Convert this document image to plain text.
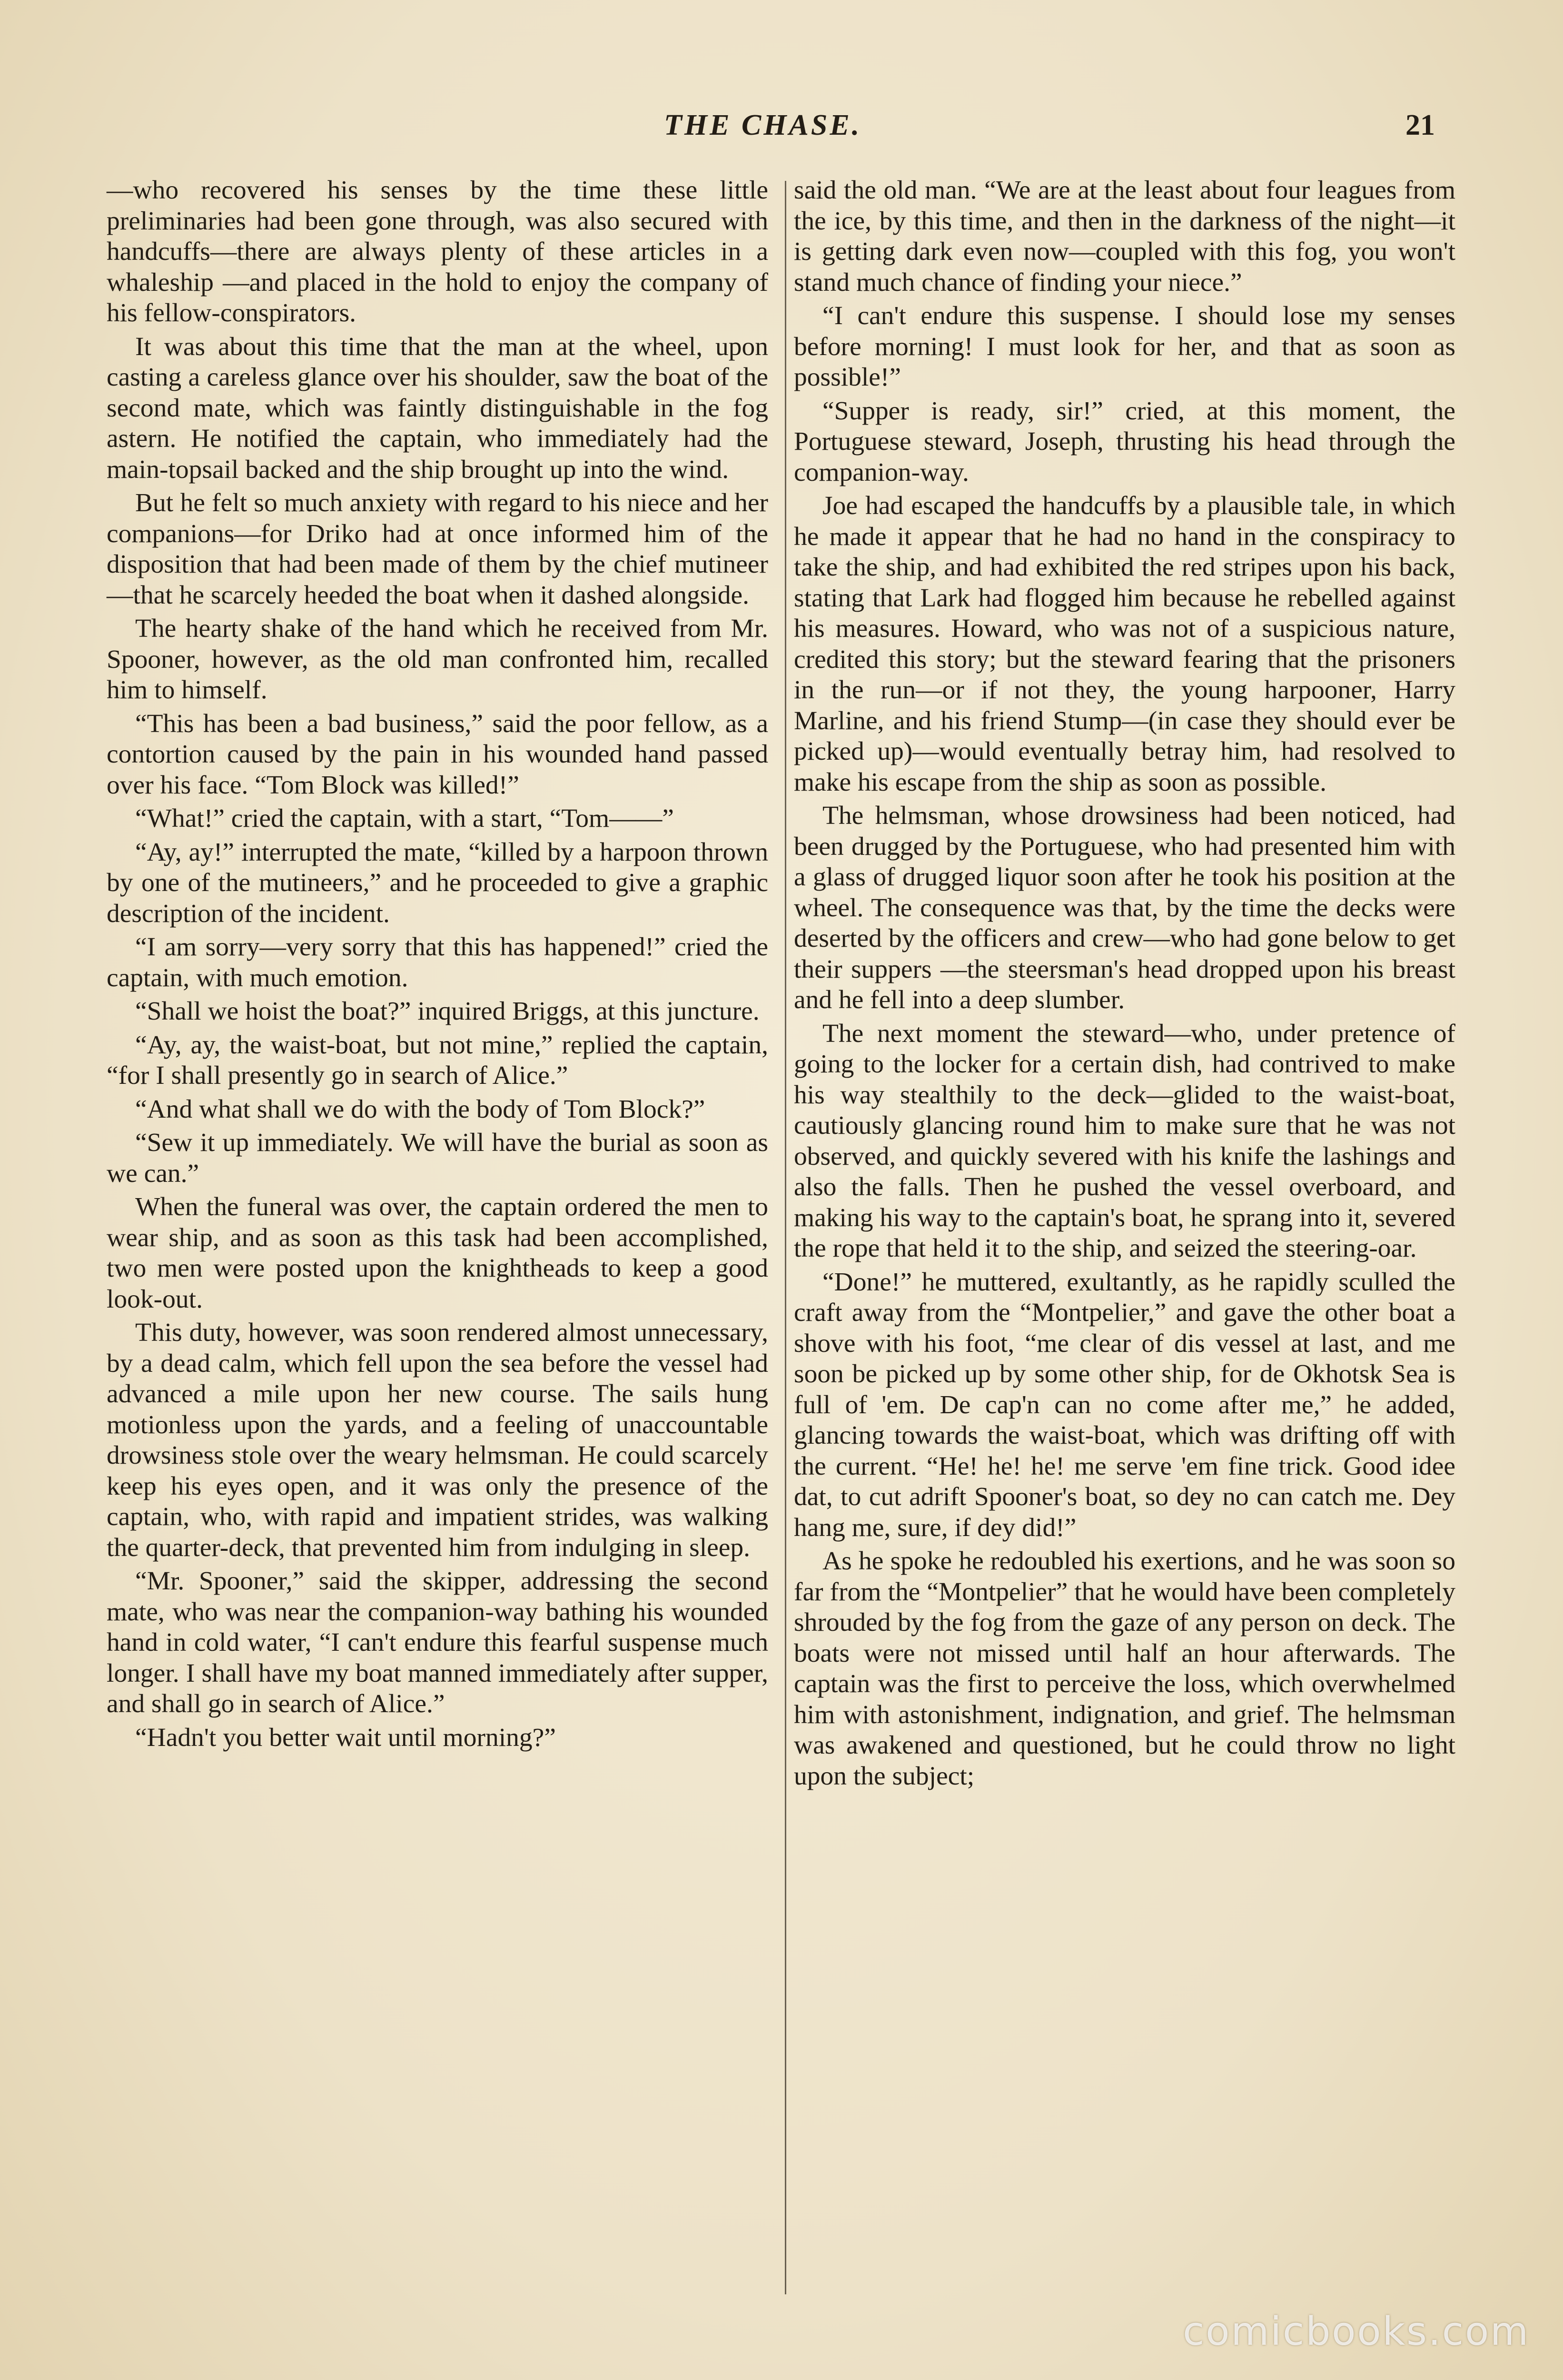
THE CHASE.	21

—who recovered his senses by the time these little preliminaries had been gone through, was also secured with handcuffs—there are always plenty of these articles in a whaleship —and placed in the hold to enjoy the company of his fellow-conspirators.

It was about this time that the man at the wheel, upon casting a careless glance over his shoulder, saw the boat of the second mate, which was faintly distinguishable in the fog astern. He notified the captain, who immediately had the main-topsail backed and the ship brought up into the wind.

But he felt so much anxiety with regard to his niece and her companions—for Driko had at once informed him of the disposition that had been made of them by the chief mutineer —that he scarcely heeded the boat when it dashed alongside.

The hearty shake of the hand which he received from Mr. Spooner, however, as the old man confronted him, recalled him to himself.

“This has been a bad business,” said the poor fellow, as a contortion caused by the pain in his wounded hand passed over his face. “Tom Block was killed!”

“What!” cried the captain, with a start, “Tom——”

“Ay, ay!” interrupted the mate, “killed by a harpoon thrown by one of the mutineers,” and he proceeded to give a graphic description of the incident.

“I am sorry—very sorry that this has happened!” cried the captain, with much emotion.

“Shall we hoist the boat?” inquired Briggs, at this juncture.

“Ay, ay, the waist-boat, but not mine,” replied the captain, “for I shall presently go in search of Alice.”

“And what shall we do with the body of Tom Block?”

“Sew it up immediately. We will have the burial as soon as we can.”

When the funeral was over, the captain ordered the men to wear ship, and as soon as this task had been accomplished, two men were posted upon the knightheads to keep a good look-out.

This duty, however, was soon rendered almost unnecessary, by a dead calm, which fell upon the sea before the vessel had advanced a mile upon her new course. The sails hung motionless upon the yards, and a feeling of unaccountable drowsiness stole over the weary helmsman. He could scarcely keep his eyes open, and it was only the presence of the captain, who, with rapid and impatient strides, was walking the quarter-deck, that prevented him from indulging in sleep.

“Mr. Spooner,” said the skipper, addressing the second mate, who was near the companion-way bathing his wounded hand in cold water, “I can't endure this fearful suspense much longer. I shall have my boat manned immediately after supper, and shall go in search of Alice.”

“Hadn't you better wait until morning?”

said the old man. “We are at the least about four leagues from the ice, by this time, and then in the darkness of the night—it is getting dark even now—coupled with this fog, you won't stand much chance of finding your niece.”

“I can't endure this suspense. I should lose my senses before morning! I must look for her, and that as soon as possible!”

“Supper is ready, sir!” cried, at this moment, the Portuguese steward, Joseph, thrusting his head through the companion-way.

Joe had escaped the handcuffs by a plausible tale, in which he made it appear that he had no hand in the conspiracy to take the ship, and had exhibited the red stripes upon his back, stating that Lark had flogged him because he rebelled against his measures. Howard, who was not of a suspicious nature, credited this story; but the steward fearing that the prisoners in the run—or if not they, the young harpooner, Harry Marline, and his friend Stump—(in case they should ever be picked up)—would eventually betray him, had resolved to make his escape from the ship as soon as possible.

The helmsman, whose drowsiness had been noticed, had been drugged by the Portuguese, who had presented him with a glass of drugged liquor soon after he took his position at the wheel. The consequence was that, by the time the decks were deserted by the officers and crew—who had gone below to get their suppers —the steersman's head dropped upon his breast and he fell into a deep slumber.

The next moment the steward—who, under pretence of going to the locker for a certain dish, had contrived to make his way stealthily to the deck—glided to the waist-boat, cautiously glancing round him to make sure that he was not observed, and quickly severed with his knife the lashings and also the falls. Then he pushed the vessel overboard, and making his way to the captain's boat, he sprang into it, severed the rope that held it to the ship, and seized the steering-oar.

“Done!” he muttered, exultantly, as he rapidly sculled the craft away from the “Montpelier,” and gave the other boat a shove with his foot, “me clear of dis vessel at last, and me soon be picked up by some other ship, for de Okhotsk Sea is full of 'em. De cap'n can no come after me,” he added, glancing towards the waist-boat, which was drifting off with the current. “He! he! he! me serve 'em fine trick. Good idee dat, to cut adrift Spooner's boat, so dey no can catch me. Dey hang me, sure, if dey did!”

As he spoke he redoubled his exertions, and he was soon so far from the “Montpelier” that he would have been completely shrouded by the fog from the gaze of any person on deck. The boats were not missed until half an hour afterwards. The captain was the first to perceive the loss, which overwhelmed him with astonishment, indignation, and grief. The helmsman was awakened and questioned, but he could throw no light upon the subject;

comicbooks.com
